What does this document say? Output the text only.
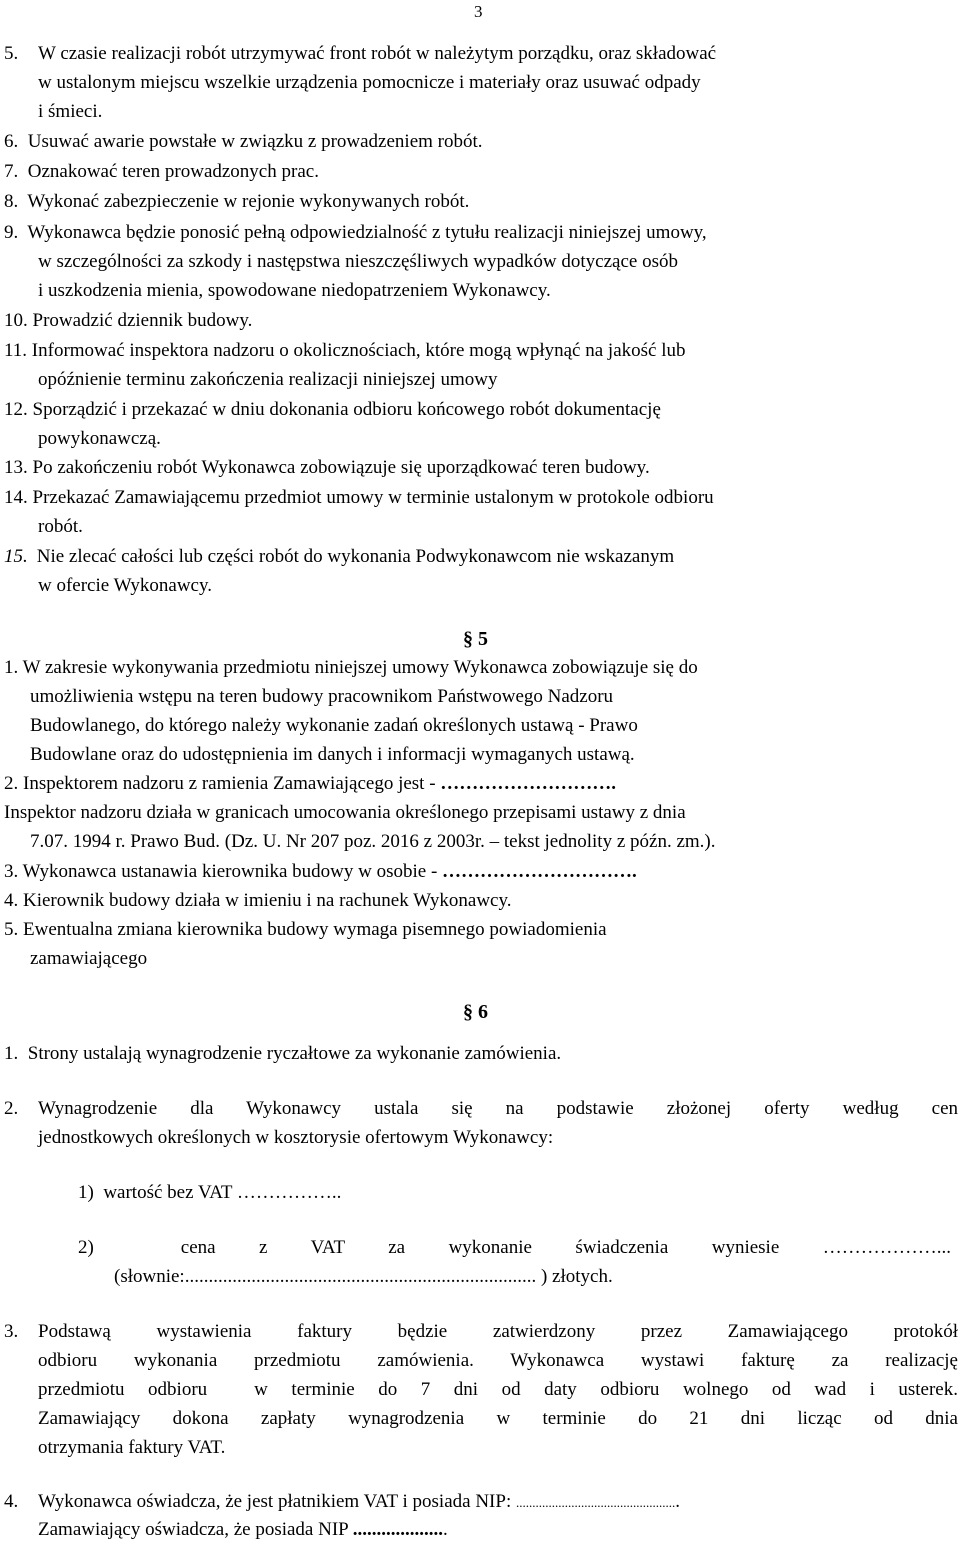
3
5. W czasie realizacji robót utrzymywać front robót w należytym porządku, oraz składować
w ustalonym miejscu wszelkie urządzenia pomocnicze i materiały oraz usuwać odpady
i śmieci.
6.  Usuwać awarie powstałe w związku z prowadzeniem robót.
7.  Oznakować teren prowadzonych prac.
8.  Wykonać zabezpieczenie w rejonie wykonywanych robót.
9.  Wykonawca będzie ponosić pełną odpowiedzialność z tytułu realizacji niniejszej umowy,
w szczególności za szkody i następstwa nieszczęśliwych wypadków dotyczące osób
i uszkodzenia mienia, spowodowane niedopatrzeniem Wykonawcy.
10. Prowadzić dziennik budowy.
11. Informować inspektora nadzoru o okolicznościach, które mogą wpłynąć na jakość lub
opóźnienie terminu zakończenia realizacji niniejszej umowy
12. Sporządzić i przekazać w dniu dokonania odbioru końcowego robót dokumentację
powykonawczą.
13. Po zakończeniu robót Wykonawca zobowiązuje się uporządkować teren budowy.
14. Przekazać Zamawiającemu przedmiot umowy w terminie ustalonym w protokole odbioru
robót.
15. Nie zlecać całości lub części robót do wykonania Podwykonawcom nie wskazanym
w ofercie Wykonawcy.
§ 5
1. W zakresie wykonywania przedmiotu niniejszej umowy Wykonawca zobowiązuje się do
umożliwienia wstępu na teren budowy pracownikom Państwowego Nadzoru
Budowlanego, do którego należy wykonanie zadań określonych ustawą - Prawo
Budowlane oraz do udostępnienia im danych i informacji wymaganych ustawą.
2. Inspektorem nadzoru z ramienia Zamawiającego jest - ……………………….
Inspektor nadzoru działa w granicach umocowania określonego przepisami ustawy z dnia
7.07. 1994 r. Prawo Bud. (Dz. U. Nr 207 poz. 2016 z 2003r. – tekst jednolity z późn. zm.).
3. Wykonawca ustanawia kierownika budowy w osobie - ………………………….
4. Kierownik budowy działa w imieniu i na rachunek Wykonawcy.
5. Ewentualna zmiana kierownika budowy wymaga pisemnego powiadomienia
zamawiającego
§ 6
1.  Strony ustalają wynagrodzenie ryczałtowe za wykonanie zamówienia.
2. Wynagrodzenie dla Wykonawcy ustala się na podstawie złożonej oferty według cen
jednostkowych określonych w kosztorysie ofertowym Wykonawcy:
1)  wartość bez VAT ……………..
2)  cena z VAT za wykonanie świadczenia wyniesie ………………...
(słownie:.......................................................................... ) złotych.
3. Podstawą wystawienia faktury będzie zatwierdzony przez Zamawiającego protokół
odbioru wykonania przedmiotu zamówienia. Wykonawca wystawi fakturę za realizację
przedmiotu odbioru  w terminie do 7 dni od daty odbioru wolnego od wad i usterek.
Zamawiający dokona zapłaty wynagrodzenia w terminie do 21 dni licząc od dnia
otrzymania faktury VAT.
4. Wykonawca oświadcza, że jest płatnikiem VAT i posiada NIP: ..................................................
Zamawiający oświadcza, że posiada NIP ....................
